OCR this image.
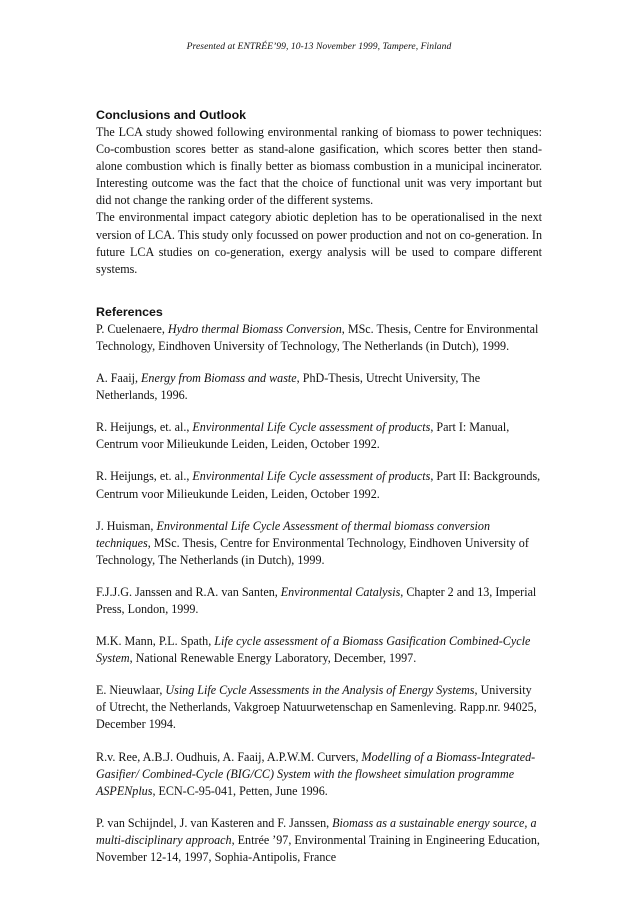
Presented at ENTRÉE’99, 10-13 November 1999, Tampere, Finland
Conclusions and Outlook

The LCA study showed following environmental ranking of biomass to power techniques: Co-combustion scores better as stand-alone gasification, which scores better then stand-alone combustion which is finally better as biomass combustion in a municipal incinerator. Interesting outcome was the fact that the choice of functional unit was very important but did not change the ranking order of the different systems.

The environmental impact category abiotic depletion has to be operationalised in the next version of LCA. This study only focussed on power production and not on co-generation. In future LCA studies on co-generation, exergy analysis will be used to compare different systems.

References
P. Cuelenaere, Hydro thermal Biomass Conversion, MSc. Thesis, Centre for Environmental Technology, Eindhoven University of Technology, The Netherlands (in Dutch), 1999.
A. Faaij, Energy from Biomass and waste, PhD-Thesis, Utrecht University, The Netherlands, 1996.
R. Heijungs, et. al., Environmental Life Cycle assessment of products, Part I: Manual, Centrum voor Milieukunde Leiden, Leiden, October 1992.
R. Heijungs, et. al., Environmental Life Cycle assessment of products, Part II: Backgrounds, Centrum voor Milieukunde Leiden, Leiden, October 1992.
J. Huisman, Environmental Life Cycle Assessment of thermal biomass conversion techniques, MSc. Thesis, Centre for Environmental Technology, Eindhoven University of Technology, The Netherlands (in Dutch), 1999.
F.J.J.G. Janssen and R.A. van Santen, Environmental Catalysis, Chapter 2 and 13, Imperial Press, London, 1999.
M.K. Mann, P.L. Spath, Life cycle assessment of a Biomass Gasification Combined-Cycle System, National Renewable Energy Laboratory, December, 1997.
E. Nieuwlaar, Using Life Cycle Assessments in the Analysis of Energy Systems, University of Utrecht, the Netherlands, Vakgroep Natuurwetenschap en Samenleving. Rapp.nr. 94025, December 1994.
R.v. Ree, A.B.J. Oudhuis, A. Faaij, A.P.W.M. Curvers, Modelling of a Biomass-Integrated-Gasifier/ Combined-Cycle (BIG/CC) System with the flowsheet simulation programme ASPENplus, ECN-C-95-041, Petten, June 1996.
P. van Schijndel, J. van Kasteren and F. Janssen, Biomass as a sustainable energy source, a multi-disciplinary approach, Entrée ’97, Environmental Training in Engineering Education, November 12-14, 1997, Sophia-Antipolis, France
